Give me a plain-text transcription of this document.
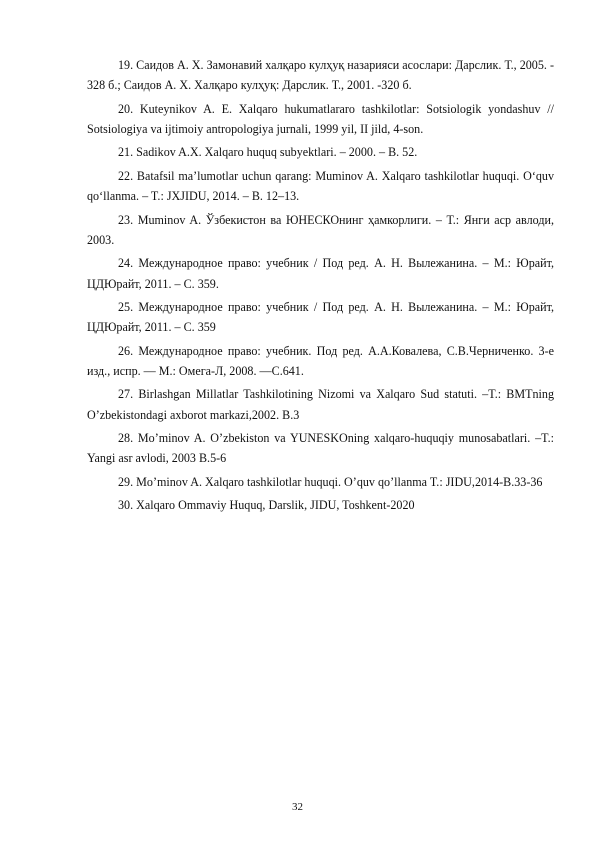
19. Саидов А. Х. Замонавий халқаро кулҳуқ назарияси асослари: Дарслик. Т., 2005. - 328 б.; Саидов А. Х. Халқаро кулҳуқ: Дарслик. Т., 2001. -320 б.
20. Kuteynikov A. E. Xalqaro hukumatlararo tashkilotlar: Sotsiologik yondashuv // Sotsiologiya va ijtimoiy antropologiya jurnali, 1999 yil, II jild, 4-son.
21. Sadikov A.X. Xalqaro huquq subyektlari. – 2000. – B. 52.
22. Batafsil ma’lumotlar uchun qarang: Muminov A. Xalqaro tashkilotlar huquqi. O‘quv qo‘llanma. – T.: JXJIDU, 2014. – B. 12–13.
23. Muminov A. Ўзбекистон ва ЮНЕСКОнинг ҳамкорлиги. – Т.: Янги аср авлоди, 2003.
24. Международное право: учебник / Под ред. А. Н. Вылежанина. – М.: Юрайт, ЦДЮрайт, 2011. – С. 359.
25. Международное право: учебник / Под ред. А. Н. Вылежанина. – М.: Юрайт, ЦДЮрайт, 2011. – С. 359
26. Международное право: учебник. Под ред. А.А.Ковалева, С.В.Черниченко. 3-е изд., испр. — М.: Омега-Л, 2008. —С.641.
27. Birlashgan Millatlar Tashkilotining Nizomi va Xalqaro Sud statuti. –T.: BMTning O’zbekistondagi axborot markazi,2002. B.3
28. Mo’minov A. O’zbekiston va YUNESKOning xalqaro-huquqiy munosabatlari. –T.: Yangi asr avlodi, 2003 B.5-6
29. Mo’minov A. Xalqaro tashkilotlar huquqi. O’quv qo’llanma T.: JIDU,2014-B.33-36
30. Xalqaro Ommaviy Huquq, Darslik, JIDU, Toshkent-2020
32
